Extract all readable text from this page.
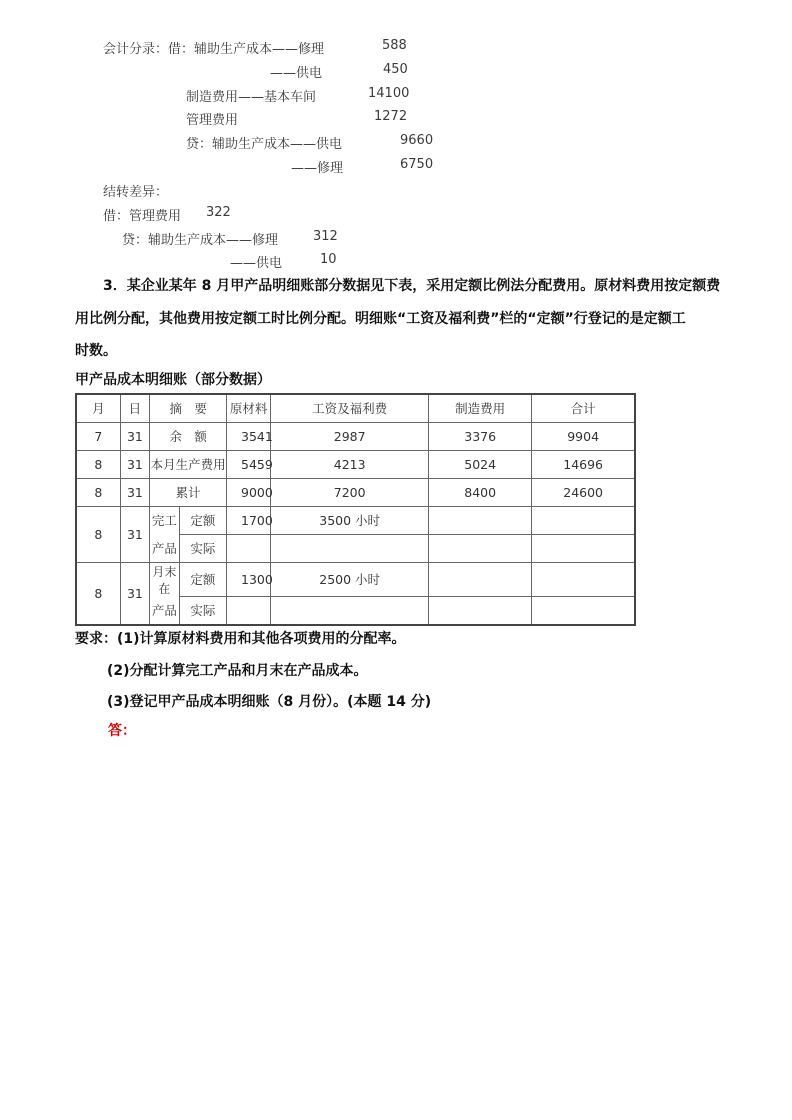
会计分录：借：辅助生产成本——修理	588
——供电	450
制造费用——基本车间	14100
管理费用	1272
贷：辅助生产成本——供电	9660
——修理	6750
结转差异：
借：管理费用 322
贷：辅助生产成本——修理	312
——供电	10
3．某企业某年 8 月甲产品明细账部分数据见下表，采用定额比例法分配费用。原材料费用按定额费
用比例分配，其他费用按定额工时比例分配。明细账“工资及福利费”栏的“定额”行登记的是定额工
时数。
甲产品成本明细账（部分数据）
月	日	摘　要		原材料	工资及福利费	制造费用	合计
7	31	余　额		3541	2987	3376	9904
8	31	本月生产费用		5459	4213	5024	14696
8	31	累计		9000	7200	8400	24600
8	31	完工	定额	1700	3500 小时		
		产品	实际				
8	31	月末在	定额	1300	2500 小时		
		产品	实际				
要求：(1)计算原材料费用和其他各项费用的分配率。
(2)分配计算完工产品和月末在产品成本。
(3)登记甲产品成本明细账（8 月份）。(本题 14 分)
答：
